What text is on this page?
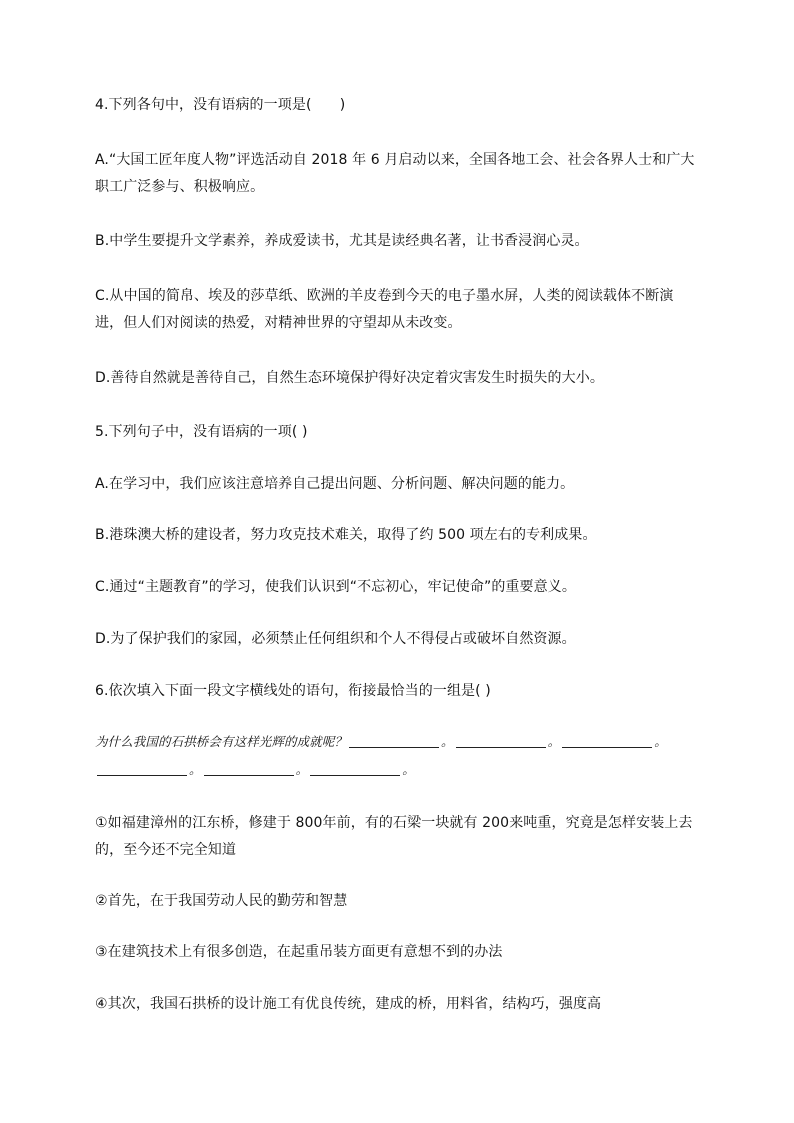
4.下列各句中，没有语病的一项是(　　)
A.“大国工匠年度人物”评选活动自 2018 年 6 月启动以来，全国各地工会、社会各界人士和广大
职工广泛参与、积极响应。
B.中学生要提升文学素养，养成爱读书，尤其是读经典名著，让书香浸润心灵。
C.从中国的简帛、埃及的莎草纸、欧洲的羊皮卷到今天的电子墨水屏，人类的阅读载体不断演
进，但人们对阅读的热爱，对精神世界的守望却从未改变。
D.善待自然就是善待自己，自然生态环境保护得好决定着灾害发生时损失的大小。
5.下列句子中，没有语病的一项( )
A.在学习中，我们应该注意培养自己提出问题、分析问题、解决问题的能力。
B.港珠澳大桥的建设者，努力攻克技术难关，取得了约 500 项左右的专利成果。
C.通过“主题教育”的学习，使我们认识到“不忘初心，牢记使命”的重要意义。
D.为了保护我们的家园，必须禁止任何组织和个人不得侵占或破坏自然资源。
6.依次填入下面一段文字横线处的语句，衔接最恰当的一组是( )
为什么我国的石拱桥会有这样光辉的成就呢？	。	。	。
。	。	。
①如福建漳州的江东桥，修建于 800年前，有的石梁一块就有 200来吨重，究竟是怎样安装上去
的，至今还不完全知道
②首先，在于我国劳动人民的勤劳和智慧
③在建筑技术上有很多创造，在起重吊装方面更有意想不到的办法
④其次，我国石拱桥的设计施工有优良传统，建成的桥，用料省，结构巧，强度高
